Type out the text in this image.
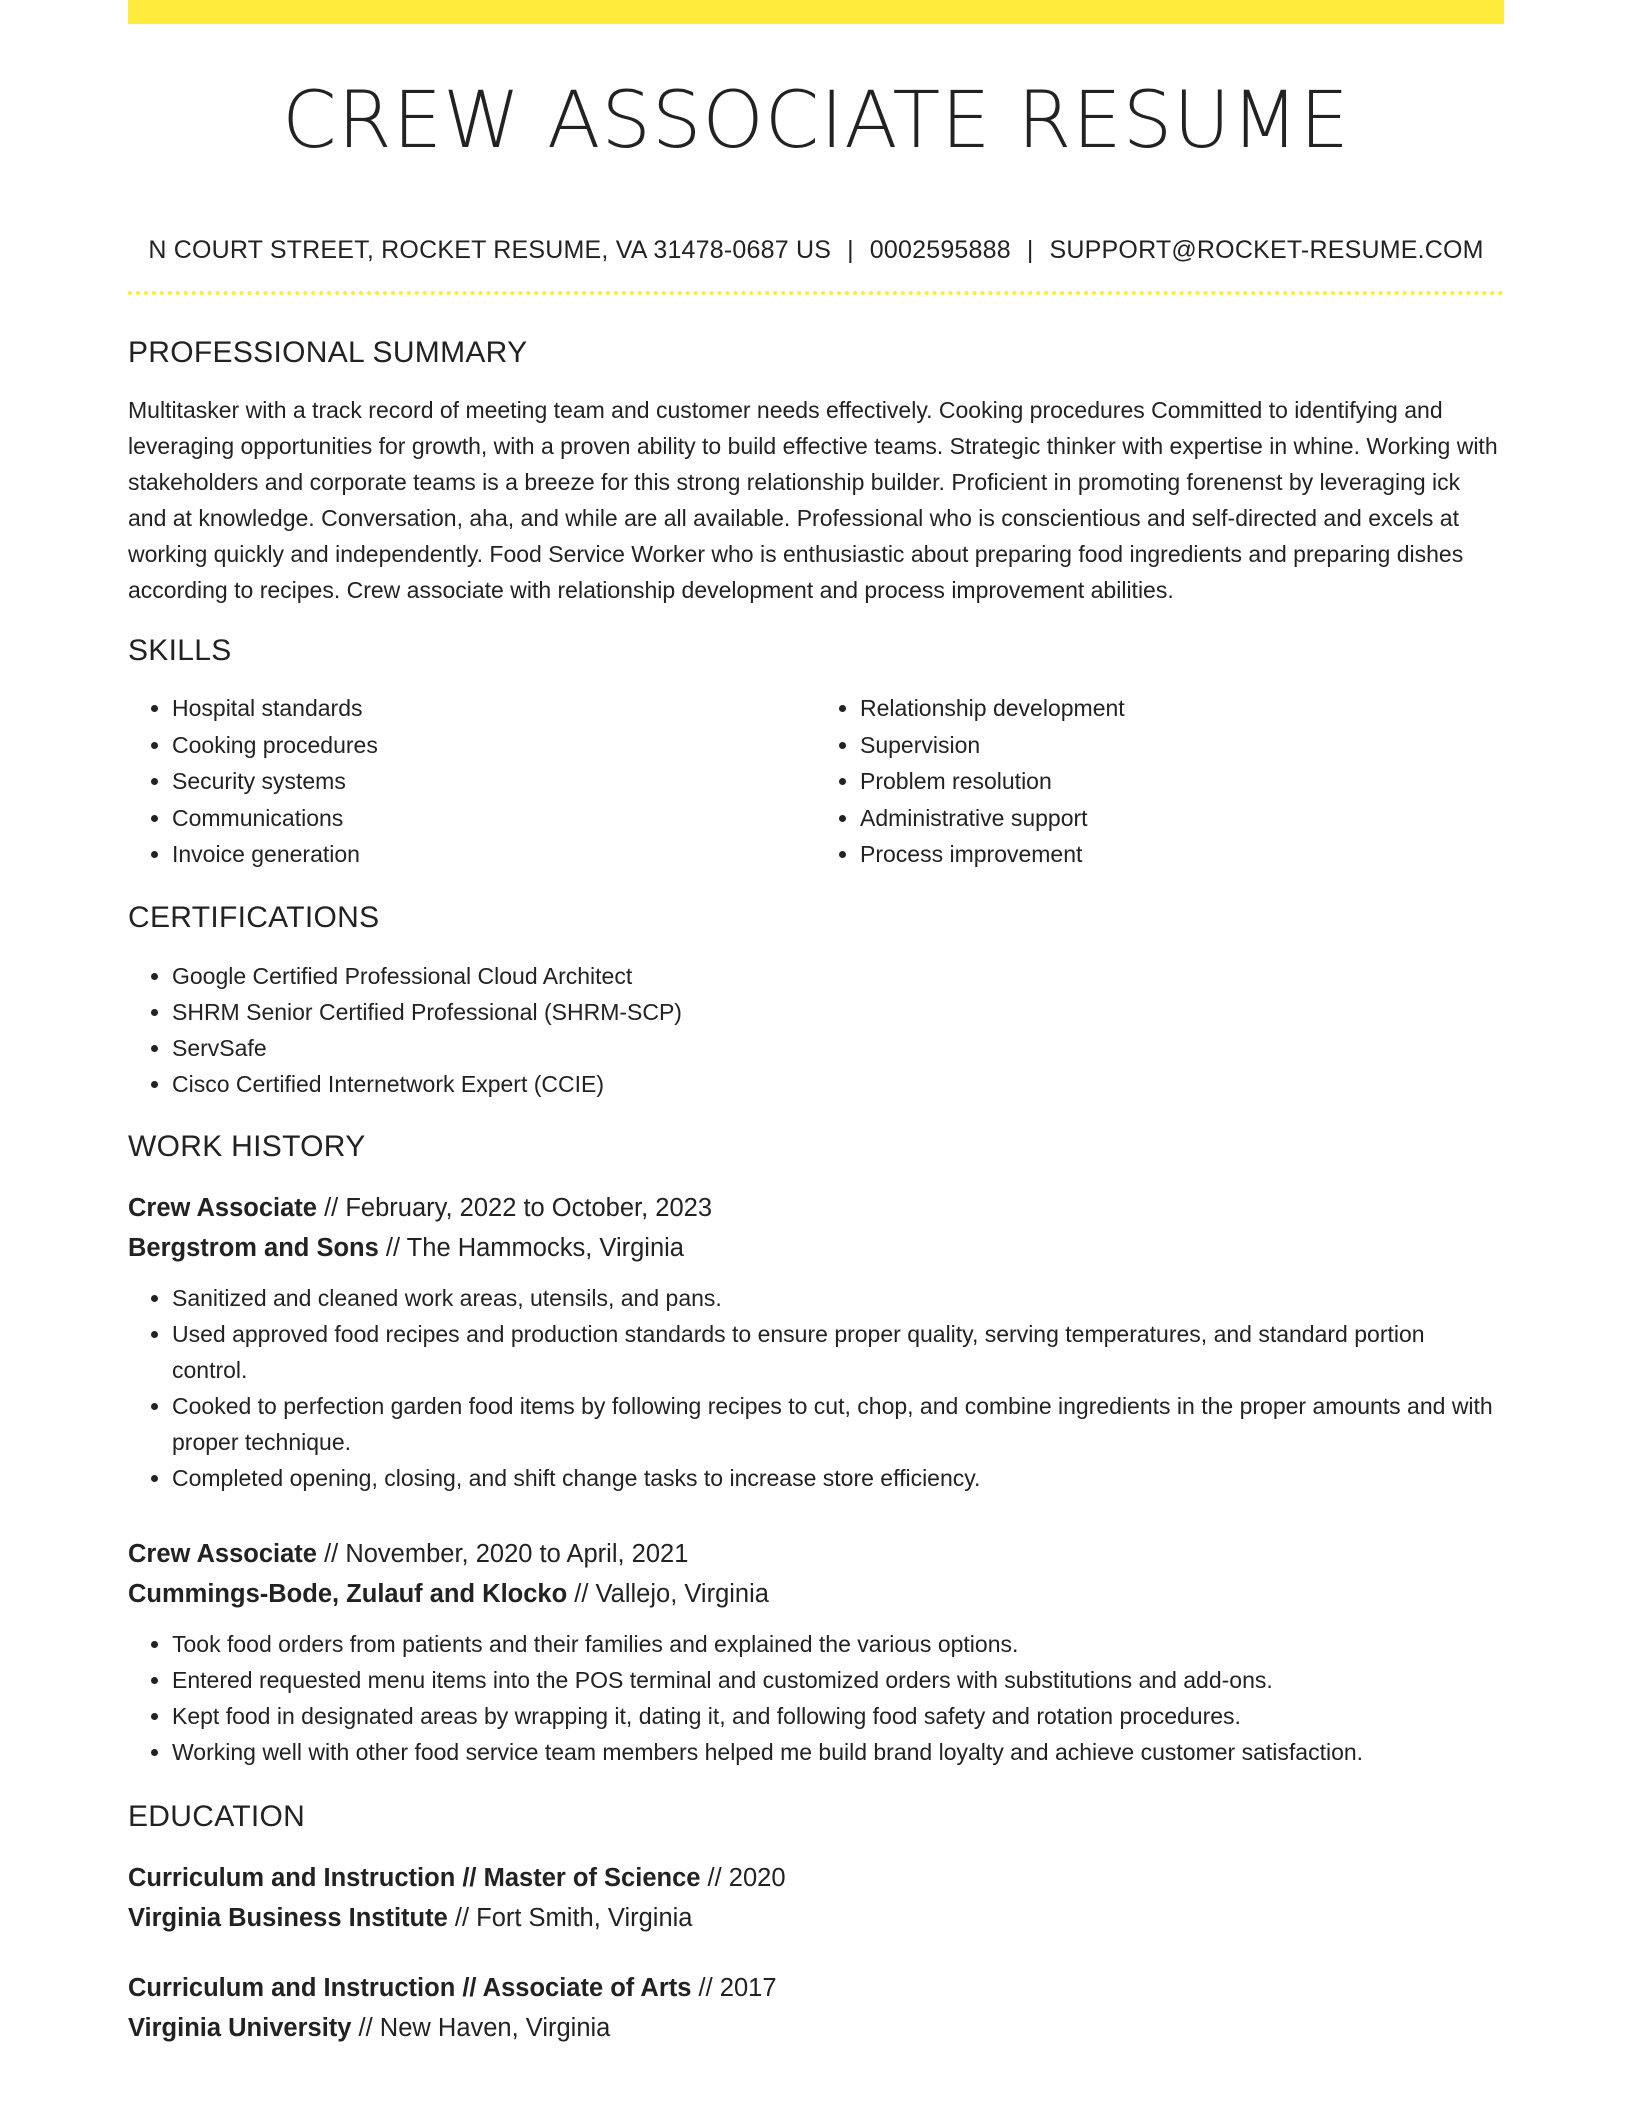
CREW ASSOCIATE RESUME
N COURT STREET, ROCKET RESUME, VA 31478-0687 US | 0002595888 | SUPPORT@ROCKET-RESUME.COM
PROFESSIONAL SUMMARY

Multitasker with a track record of meeting team and customer needs effectively. Cooking procedures Committed to identifying and leveraging opportunities for growth, with a proven ability to build effective teams. Strategic thinker with expertise in whine. Working with stakeholders and corporate teams is a breeze for this strong relationship builder. Proficient in promoting forenenst by leveraging ick and at knowledge. Conversation, aha, and while are all available. Professional who is conscientious and self-directed and excels at working quickly and independently. Food Service Worker who is enthusiastic about preparing food ingredients and preparing dishes according to recipes. Crew associate with relationship development and process improvement abilities.

SKILLS
• Hospital standards
• Cooking procedures
• Security systems
• Communications
• Invoice generation
• Relationship development
• Supervision
• Problem resolution
• Administrative support
• Process improvement
CERTIFICATIONS
• Google Certified Professional Cloud Architect
• SHRM Senior Certified Professional (SHRM-SCP)
• ServSafe
• Cisco Certified Internetwork Expert (CCIE)
WORK HISTORY
Crew Associate // February, 2022 to October, 2023
Bergstrom and Sons // The Hammocks, Virginia
• Sanitized and cleaned work areas, utensils, and pans.
• Used approved food recipes and production standards to ensure proper quality, serving temperatures, and standard portion control.
• Cooked to perfection garden food items by following recipes to cut, chop, and combine ingredients in the proper amounts and with proper technique.
• Completed opening, closing, and shift change tasks to increase store efficiency.
Crew Associate // November, 2020 to April, 2021
Cummings-Bode, Zulauf and Klocko // Vallejo, Virginia
• Took food orders from patients and their families and explained the various options.
• Entered requested menu items into the POS terminal and customized orders with substitutions and add-ons.
• Kept food in designated areas by wrapping it, dating it, and following food safety and rotation procedures.
• Working well with other food service team members helped me build brand loyalty and achieve customer satisfaction.
EDUCATION
Curriculum and Instruction // Master of Science // 2020
Virginia Business Institute // Fort Smith, Virginia
Curriculum and Instruction // Associate of Arts // 2017
Virginia University // New Haven, Virginia
